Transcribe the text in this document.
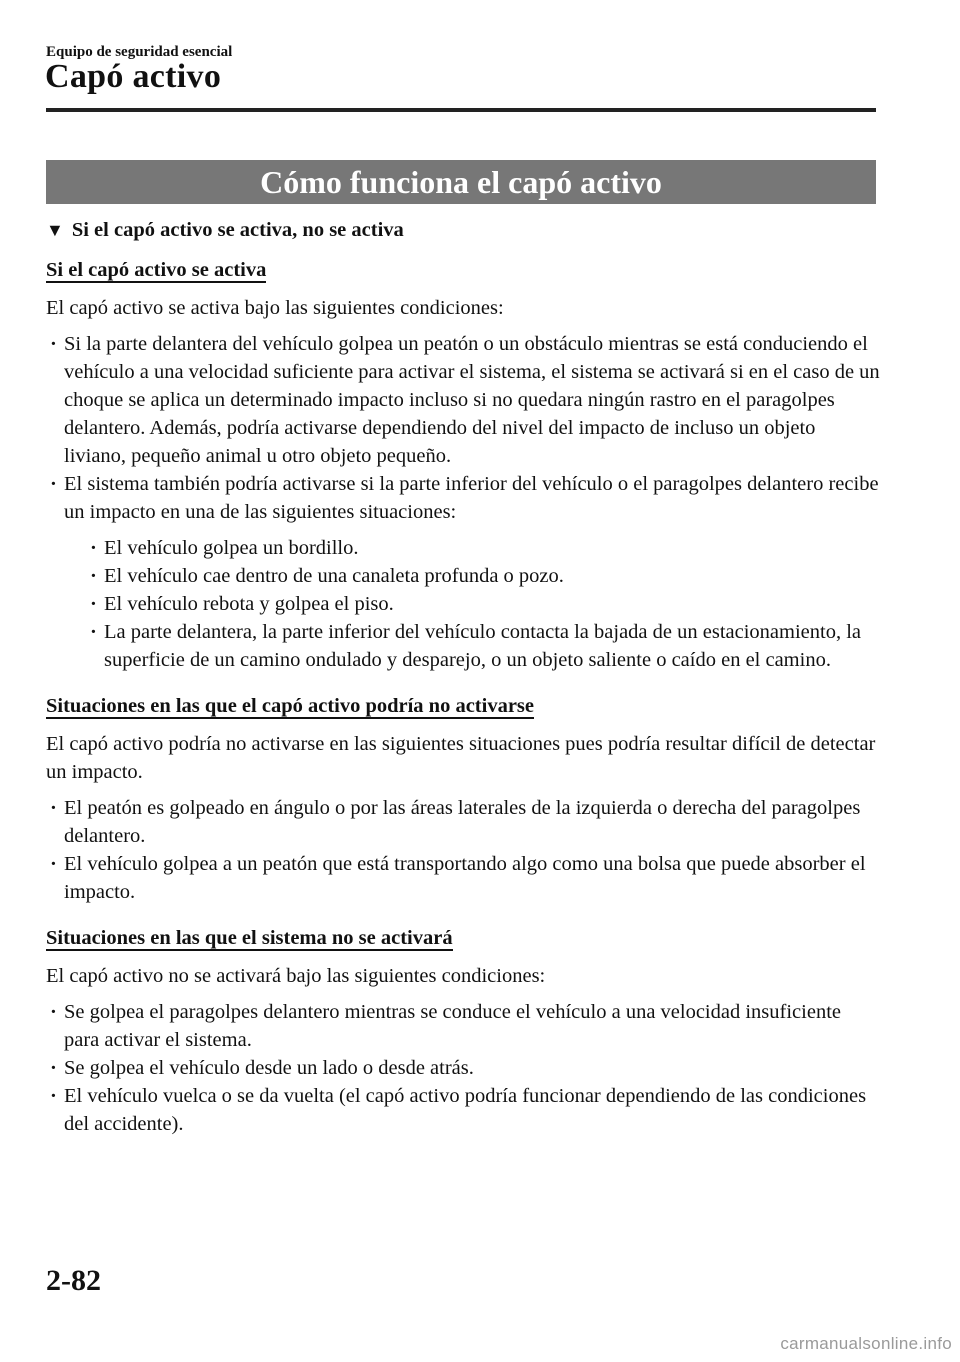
Equipo de seguridad esencial
Capó activo
Cómo funciona el capó activo
▼ Si el capó activo se activa, no se activa

Si el capó activo se activa

El capó activo se activa bajo las siguientes condiciones:

· Si la parte delantera del vehículo golpea un peatón o un obstáculo mientras se está conduciendo el vehículo a una velocidad suficiente para activar el sistema, el sistema se activará si en el caso de un choque se aplica un determinado impacto incluso si no quedara ningún rastro en el paragolpes delantero. Además, podría activarse dependiendo del nivel del impacto de incluso un objeto liviano, pequeño animal u otro objeto pequeño.
· El sistema también podría activarse si la parte inferior del vehículo o el paragolpes delantero recibe un impacto en una de las siguientes situaciones:
· El vehículo golpea un bordillo.
· El vehículo cae dentro de una canaleta profunda o pozo.
· El vehículo rebota y golpea el piso.
· La parte delantera, la parte inferior del vehículo contacta la bajada de un estacionamiento, la superficie de un camino ondulado y desparejo, o un objeto saliente o caído en el camino.

Situaciones en las que el capó activo podría no activarse

El capó activo podría no activarse en las siguientes situaciones pues podría resultar difícil de detectar un impacto.

· El peatón es golpeado en ángulo o por las áreas laterales de la izquierda o derecha del paragolpes delantero.
· El vehículo golpea a un peatón que está transportando algo como una bolsa que puede absorber el impacto.

Situaciones en las que el sistema no se activará

El capó activo no se activará bajo las siguientes condiciones:

· Se golpea el paragolpes delantero mientras se conduce el vehículo a una velocidad insuficiente para activar el sistema.
· Se golpea el vehículo desde un lado o desde atrás.
· El vehículo vuelca o se da vuelta (el capó activo podría funcionar dependiendo de las condiciones del accidente).
2-82
carmanualsonline.info
